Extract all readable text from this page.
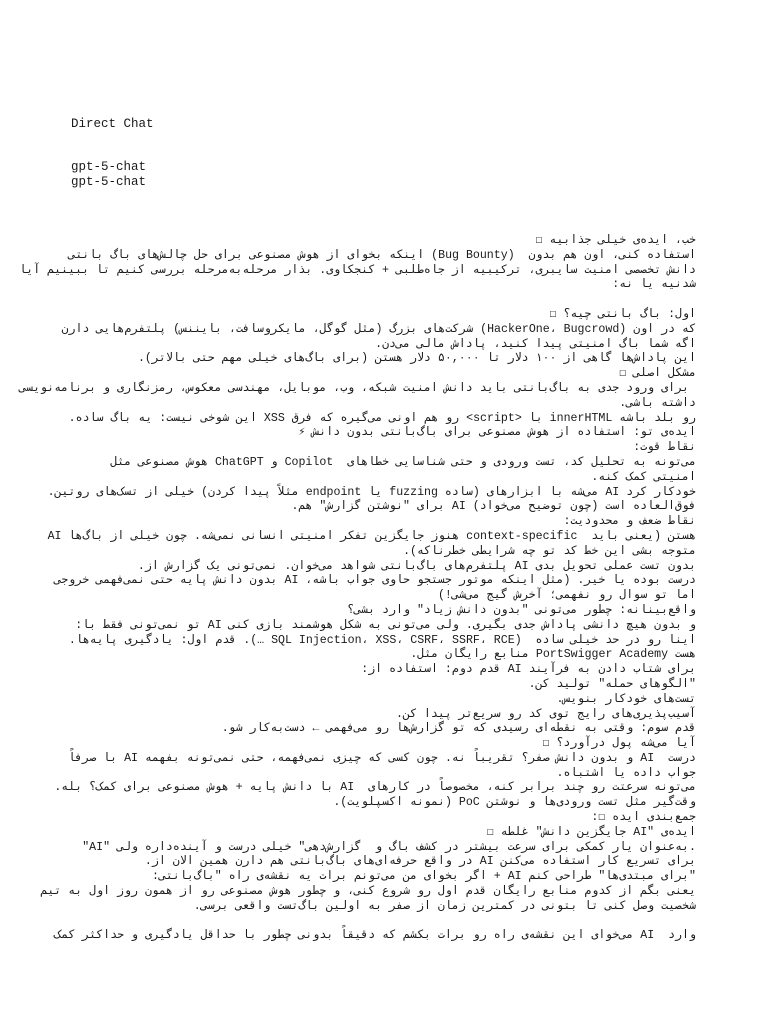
Direct Chat
gpt-5-chat
gpt-5-chat
خب، ایده‌ی خیلی جذابیه ☐
استفاده کنی، اون هم بدون  (Bug Bounty) اینکه بخوای از هوش مصنوعی برای حل چالش‌های باگ بانتی
دانش تخصصی امنیت سایبری، ترکیبیه از جاه‌طلبی + کنجکاوی. بذار مرحله‌به‌مرحله بررسی کنیم تا ببینیم آیا
شدنیه یا نه:
اول: باگ بانتی چیه؟ ☐
که در اون (HackerOne، Bugcrowd) شرکت‌های بزرگ (مثل گوگل، مایکروسافت، بایننس) پلتفرم‌هایی دارن
اگه شما باگ امنیتی پیدا کنید، پاداش مالی می‌دن.
این پاداش‌ها گاهی از ۱۰۰ دلار تا ۵۰,۰۰۰ دلار هستن (برای باگ‌های خیلی مهم حتی بالاتر).
مشکل اصلی ☐
برای ورود جدی به باگ‌بانتی باید دانش امنیت شبکه، وب، موبایل، مهندسی معکوس، رمزنگاری و برنامه‌نویسی
داشته باشی.
رو بلد باشه innerHTML با <script> رو هم اونی می‌گیره که فرق XSS این شوخی نیست: یه باگ ساده.
ایده‌ی تو: استفاده از هوش مصنوعی برای باگ‌بانتی بدون دانش ⚡
نقاط قوت:
می‌تونه به تحلیل کد، تست ورودی و حتی شناسایی خطاهای  Copilot و ChatGPT هوش مصنوعی مثل
امنیتی کمک کنه.
خودکار کرد AI می‌شه با ابزارهای (ساده fuzzing یا endpoint مثلاً پیدا کردن) خیلی از تسک‌های روتین.
فوق‌العاده است (چون توضیح می‌خواد) AI برای "نوشتن گزارش" هم.
نقاط ضعف و محدودیت:
هستن (یعنی باید  context-specific هنوز جایگزین تفکر امنیتی انسانی نمی‌شه. چون خیلی از باگ‌ها AI
متوجه بشی این خط کد تو چه شرایطی خطرناکه).
بدون تست عملی تحویل بدی AI پلتفرم‌های باگ‌بانتی شواهد می‌خوان. نمی‌تونی یک گزارش از.
درست بوده یا خیر. (مثل اینکه موتور جستجو حاوی جواب باشه، AI بدون دانش پایه حتی نمی‌فهمی خروجی
اما تو سوال رو نفهمی؛ آخرش گیج می‌شی!)
واقع‌بینانه: چطور می‌تونی "بدون دانش زیاد" وارد بشی؟
و بدون هیچ دانشی پاداش جدی بگیری. ولی می‌تونی به شکل هوشمند بازی کنی AI تو نمی‌تونی فقط با:
اینا رو در حد خیلی ساده  (SQL Injection، XSS، CSRF، SSRF، RCE …). قدم اول: یادگیری پایه‌ها.
هست PortSwigger Academy منابع رایگان مثل.
برای شتاب دادن به فرآیند AI قدم دوم: استفاده از:
"الگوهای حمله" تولید کن.
تست‌های خودکار بنویس.
آسیب‌پذیری‌های رایج توی کد رو سریع‌تر پیدا کن.
قدم سوم: وقتی به نقطه‌ای رسیدی که تو گزارش‌ها رو می‌فهمی ← دست‌به‌کار شو.
آیا می‌شه پول درآورد؟ ☐
درست  AI و بدون دانش صفر؟ تقریباً نه. چون کسی که چیزی نمی‌فهمه، حتی نمی‌تونه بفهمه AI با صرفاً
جواب داده یا اشتباه.
می‌تونه سرعتت رو چند برابر کنه، مخصوصاً در کارهای  AI با دانش پایه + هوش مصنوعی برای کمک؟ بله.
وقت‌گیر مثل تست ورودی‌ها و نوشتن PoC (نمونه اکسپلویت).
جمع‌بندی ایده ☐:
ایده‌ی "AI جایگزین دانش" غلطه ☐
"AI" به‌عنوان یار کمکی برای سرعت بیشتر در کشف باگ و  گزارش‌دهی" خیلی درست و آینده‌داره ولی.
برای تسریع کار استفاده می‌کنن AI در واقع حرفه‌ای‌های باگ‌بانتی هم دارن همین الان از.
"برای مبتدی‌ها" طراحی کنم AI + اگر بخوای من می‌تونم برات یه نقشه‌ی راه "باگ‌بانتی:
یعنی بگم از کدوم منابع رایگان قدم اول رو شروع کنی، و چطور هوش مصنوعی رو از همون روز اول به تیم
شخصیت وصل کنی تا بتونی در کمترین زمان از صفر به اولین باگ‌تست واقعی برسی.
وارد  AI می‌خوای این نقشه‌ی راه رو برات بکشم که دقیقاً بدونی چطور با حداقل یادگیری و حداکثر کمک
